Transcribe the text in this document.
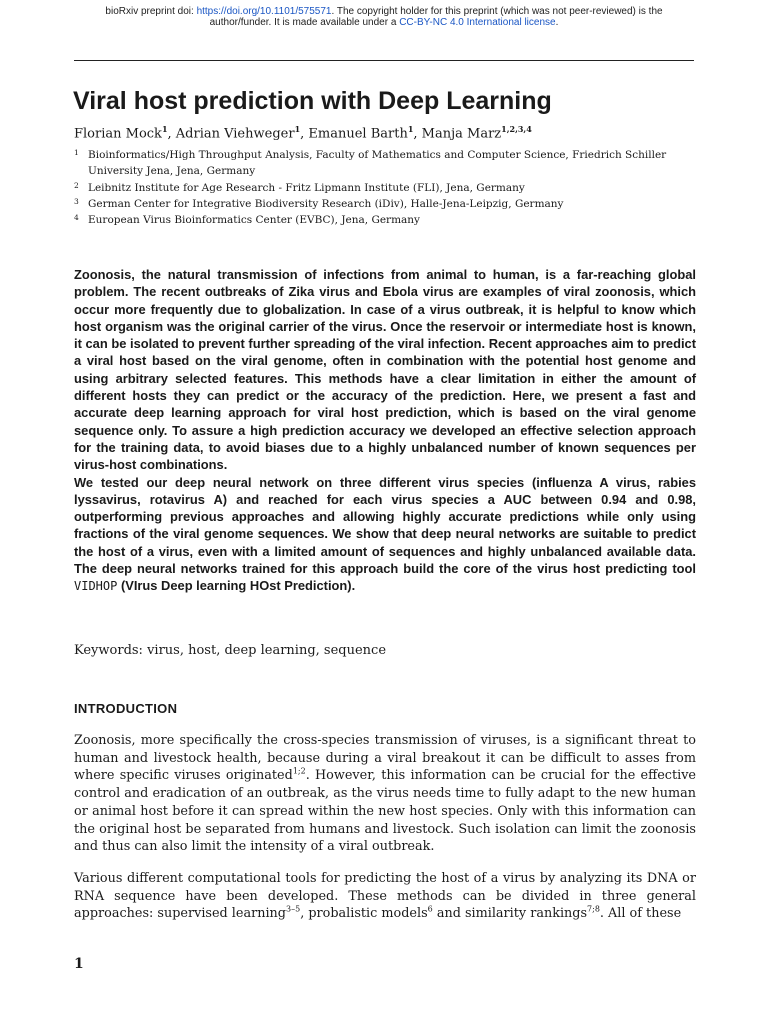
bioRxiv preprint doi: https://doi.org/10.1101/575571. The copyright holder for this preprint (which was not peer-reviewed) is the
author/funder. It is made available under a CC-BY-NC 4.0 International license.
Viral host prediction with Deep Learning
Florian Mock$^1$, Adrian Viehweger$^1$, Emanuel Barth$^1$, Manja Marz$^{1,2,3,4}$
1 Bioinformatics/High Throughput Analysis, Faculty of Mathematics and Computer Science, Friedrich Schiller University Jena, Jena, Germany
2 Leibnitz Institute for Age Research - Fritz Lipmann Institute (FLI), Jena, Germany
3 German Center for Integrative Biodiversity Research (iDiv), Halle-Jena-Leipzig, Germany
4 European Virus Bioinformatics Center (EVBC), Jena, Germany

Zoonosis, the natural transmission of infections from animal to human, is a far-reaching global problem. The recent outbreaks of Zika virus and Ebola virus are examples of viral zoonosis, which occur more frequently due to globalization. In case of a virus outbreak, it is helpful to know which host organism was the original carrier of the virus. Once the reservoir or intermediate host is known, it can be isolated to prevent further spreading of the viral infection. Recent approaches aim to predict a viral host based on the viral genome, often in combination with the potential host genome and using arbitrary selected features. This methods have a clear limitation in either the amount of different hosts they can predict or the accuracy of the prediction. Here, we present a fast and accurate deep learning approach for viral host prediction, which is based on the viral genome sequence only. To assure a high prediction accuracy we developed an effective selection approach for the training data, to avoid biases due to a highly unbalanced number of known sequences per virus-host combinations.

We tested our deep neural network on three different virus species (influenza A virus, rabies lyssavirus, rotavirus A) and reached for each virus species a AUC between 0.94 and 0.98, outperforming previous approaches and allowing highly accurate predictions while only using fractions of the viral genome sequences. We show that deep neural networks are suitable to predict the host of a virus, even with a limited amount of sequences and highly unbalanced available data. The deep neural networks trained for this approach build the core of the virus host predicting tool VIDHOP (VIrus Deep learning HOst Prediction).

Keywords: virus, host, deep learning, sequence
INTRODUCTION

Zoonosis, more specifically the cross-species transmission of viruses, is a significant threat to human and livestock health, because during a viral breakout it can be difficult to asses from where specific viruses originated$^{1;2}$. However, this information can be crucial for the effective control and eradication of an outbreak, as the virus needs time to fully adapt to the new human or animal host before it can spread within the new host species. Only with this information can the original host be separated from humans and livestock. Such isolation can limit the zoonosis and thus can also limit the intensity of a viral outbreak.

Various different computational tools for predicting the host of a virus by analyzing its DNA or RNA sequence have been developed. These methods can be divided in three general approaches: supervised learning$^{3-5}$, probalistic models$^6$ and similarity rankings$^{7;8}$. All of these

1
